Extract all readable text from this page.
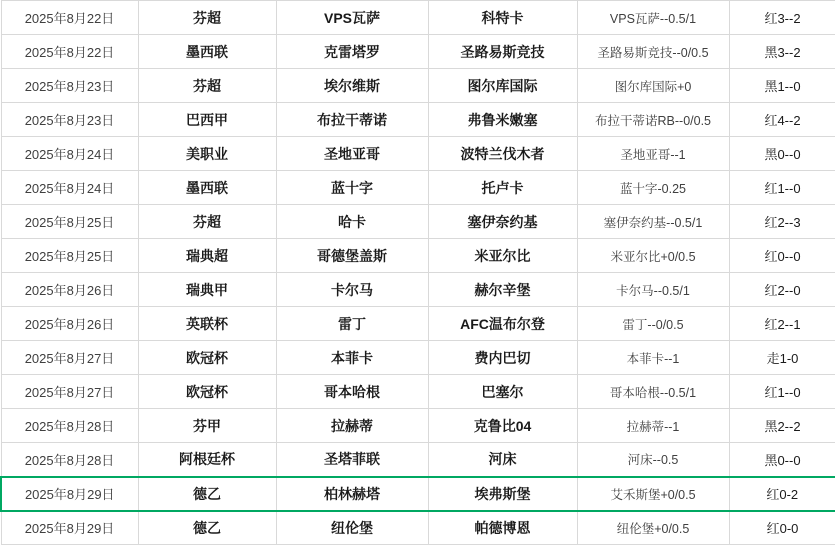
2025年8月22日	芬超	VPS瓦萨	科特卡	VPS瓦萨--0.5/1	红3--2
2025年8月22日	墨西联	克雷塔罗	圣路易斯竞技	圣路易斯竞技--0/0.5	黑3--2
2025年8月23日	芬超	埃尔维斯	图尔库国际	图尔库国际+0	黑1--0
2025年8月23日	巴西甲	布拉干蒂诺	弗鲁米嫩塞	布拉干蒂诺RB--0/0.5	红4--2
2025年8月24日	美职业	圣地亚哥	波特兰伐木者	圣地亚哥--1	黑0--0
2025年8月24日	墨西联	蓝十字	托卢卡	蓝十字-0.25	红1--0
2025年8月25日	芬超	哈卡	塞伊奈约基	塞伊奈约基--0.5/1	红2--3
2025年8月25日	瑞典超	哥德堡盖斯	米亚尔比	米亚尔比+0/0.5	红0--0
2025年8月26日	瑞典甲	卡尔马	赫尔辛堡	卡尔马--0.5/1	红2--0
2025年8月26日	英联杯	雷丁	AFC温布尔登	雷丁--0/0.5	红2--1
2025年8月27日	欧冠杯	本菲卡	费内巴切	本菲卡--1	走1-0
2025年8月27日	欧冠杯	哥本哈根	巴塞尔	哥本哈根--0.5/1	红1--0
2025年8月28日	芬甲	拉赫蒂	克鲁比04	拉赫蒂--1	黑2--2
2025年8月28日	阿根廷杯	圣塔菲联	河床	河床--0.5	黑0--0
2025年8月29日	德乙	柏林赫塔	埃弗斯堡	艾禾斯堡+0/0.5	红0-2
2025年8月29日	德乙	纽伦堡	帕德博恩	纽伦堡+0/0.5	红0-0
